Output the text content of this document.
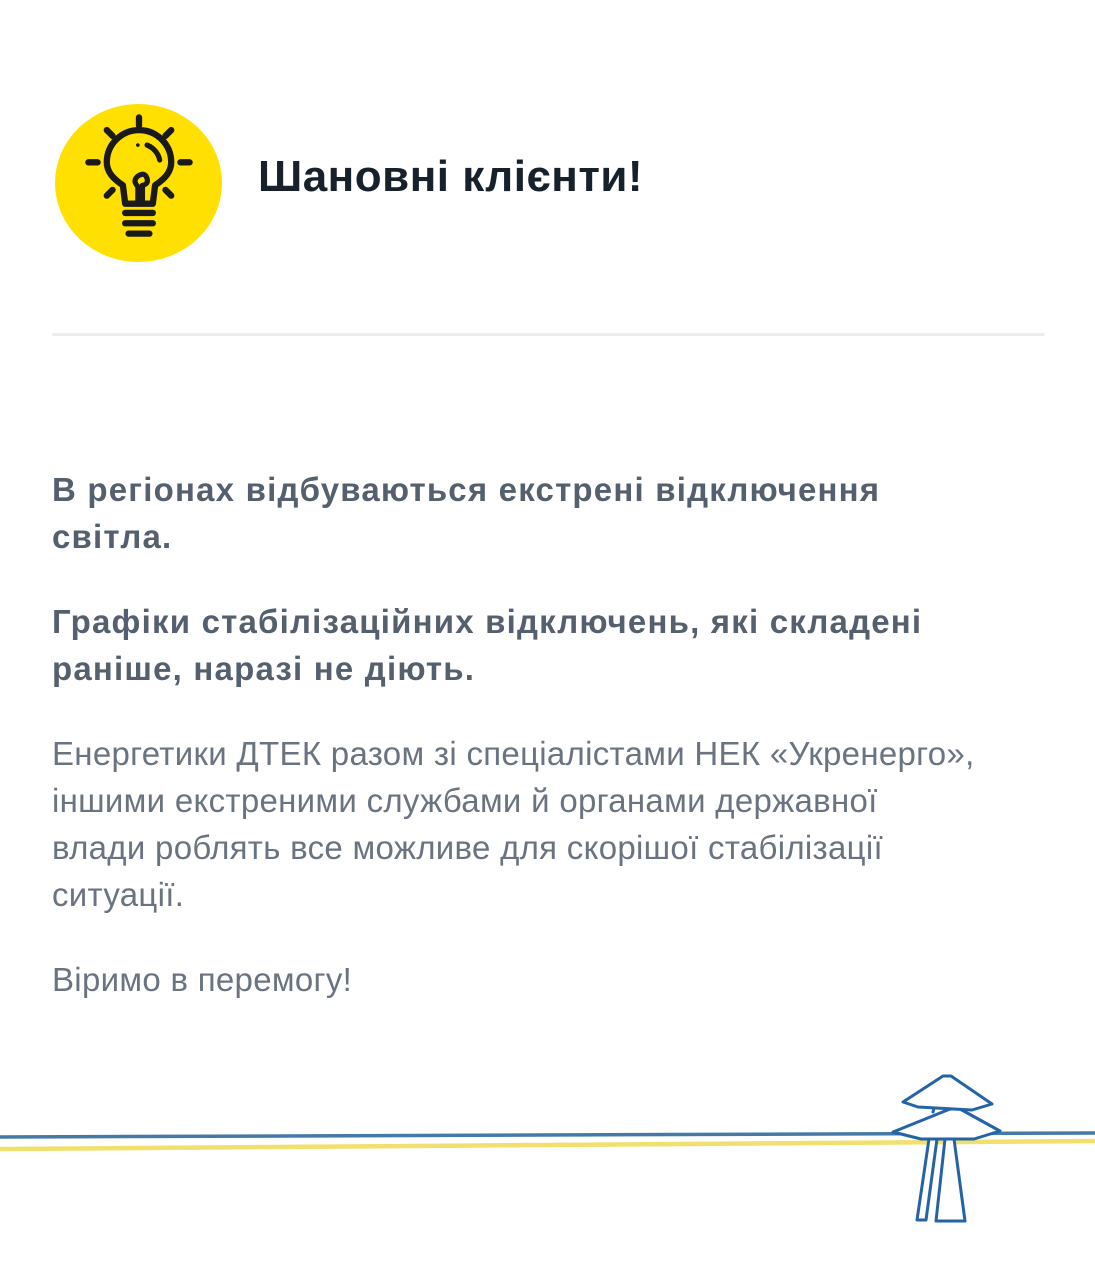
Шановні клієнти!

В регіонах відбуваються екстрені відключення
світла.

Графіки стабілізаційних відключень, які складені
раніше, наразі не діють.

Енергетики ДТЕК разом зі спеціалістами НЕК «Укренерго»,
іншими екстреними службами й органами державної
влади роблять все можливе для скорішої стабілізації
ситуації.

Віримо в перемогу!
